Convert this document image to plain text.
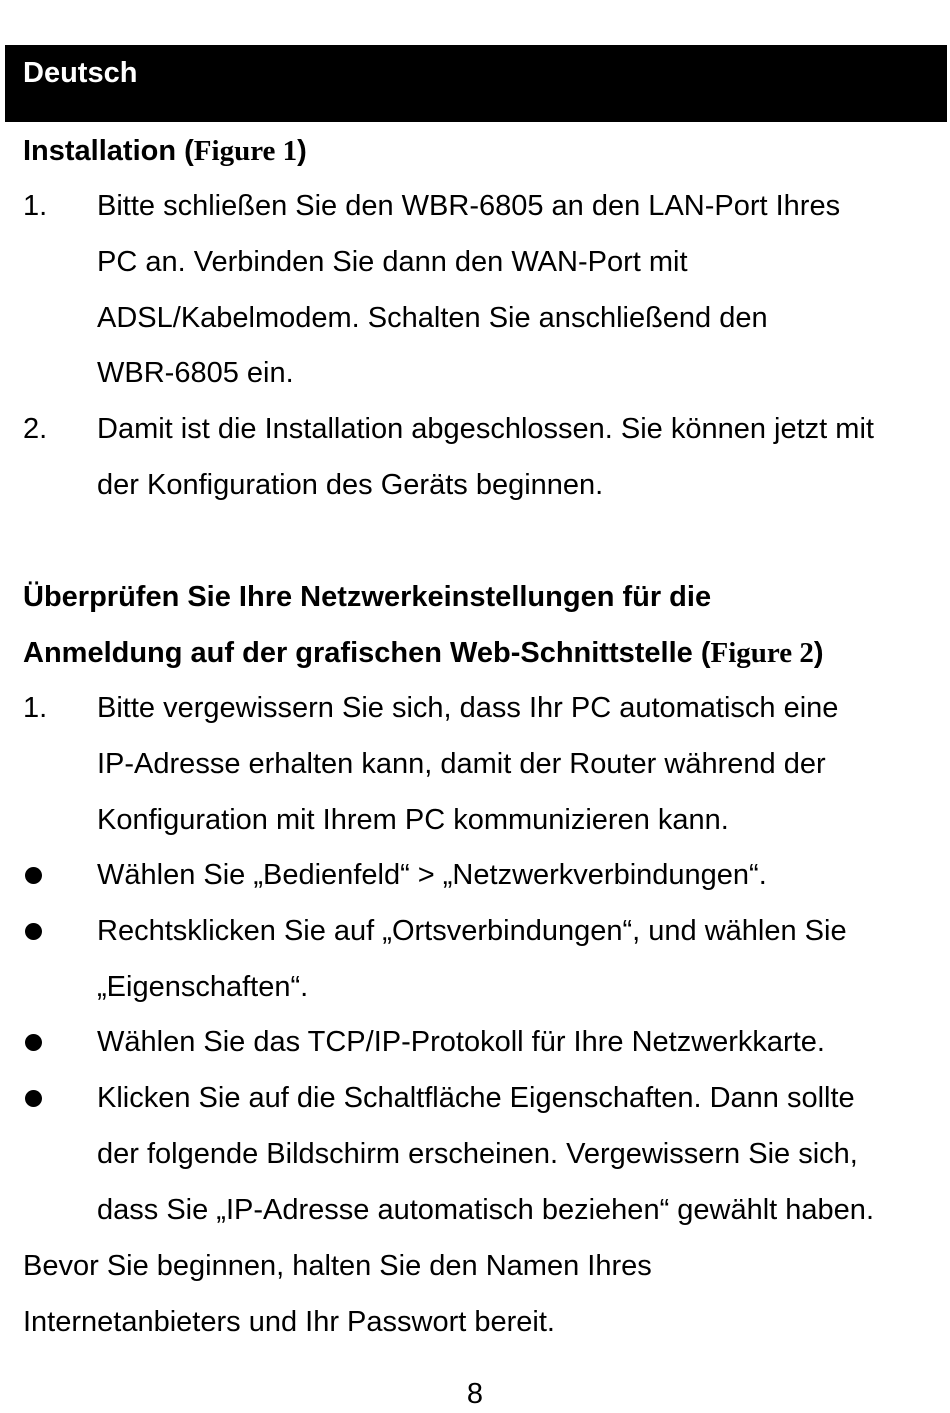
Deutsch
Installation (Figure 1)
1. Bitte schließen Sie den WBR-6805 an den LAN-Port Ihres
PC an. Verbinden Sie dann den WAN-Port mit
ADSL/Kabelmodem. Schalten Sie anschließend den
WBR-6805 ein.
2. Damit ist die Installation abgeschlossen. Sie können jetzt mit
der Konfiguration des Geräts beginnen.
Überprüfen Sie Ihre Netzwerkeinstellungen für die
Anmeldung auf der grafischen Web-Schnittstelle (Figure 2)
1. Bitte vergewissern Sie sich, dass Ihr PC automatisch eine
IP-Adresse erhalten kann, damit der Router während der
Konfiguration mit Ihrem PC kommunizieren kann.
Wählen Sie „Bedienfeld“ > „Netzwerkverbindungen“.
Rechtsklicken Sie auf „Ortsverbindungen“, und wählen Sie
„Eigenschaften“.
Wählen Sie das TCP/IP-Protokoll für Ihre Netzwerkkarte.
Klicken Sie auf die Schaltfläche Eigenschaften. Dann sollte
der folgende Bildschirm erscheinen. Vergewissern Sie sich,
dass Sie „IP-Adresse automatisch beziehen“ gewählt haben.
Bevor Sie beginnen, halten Sie den Namen Ihres
Internetanbieters und Ihr Passwort bereit.
8
